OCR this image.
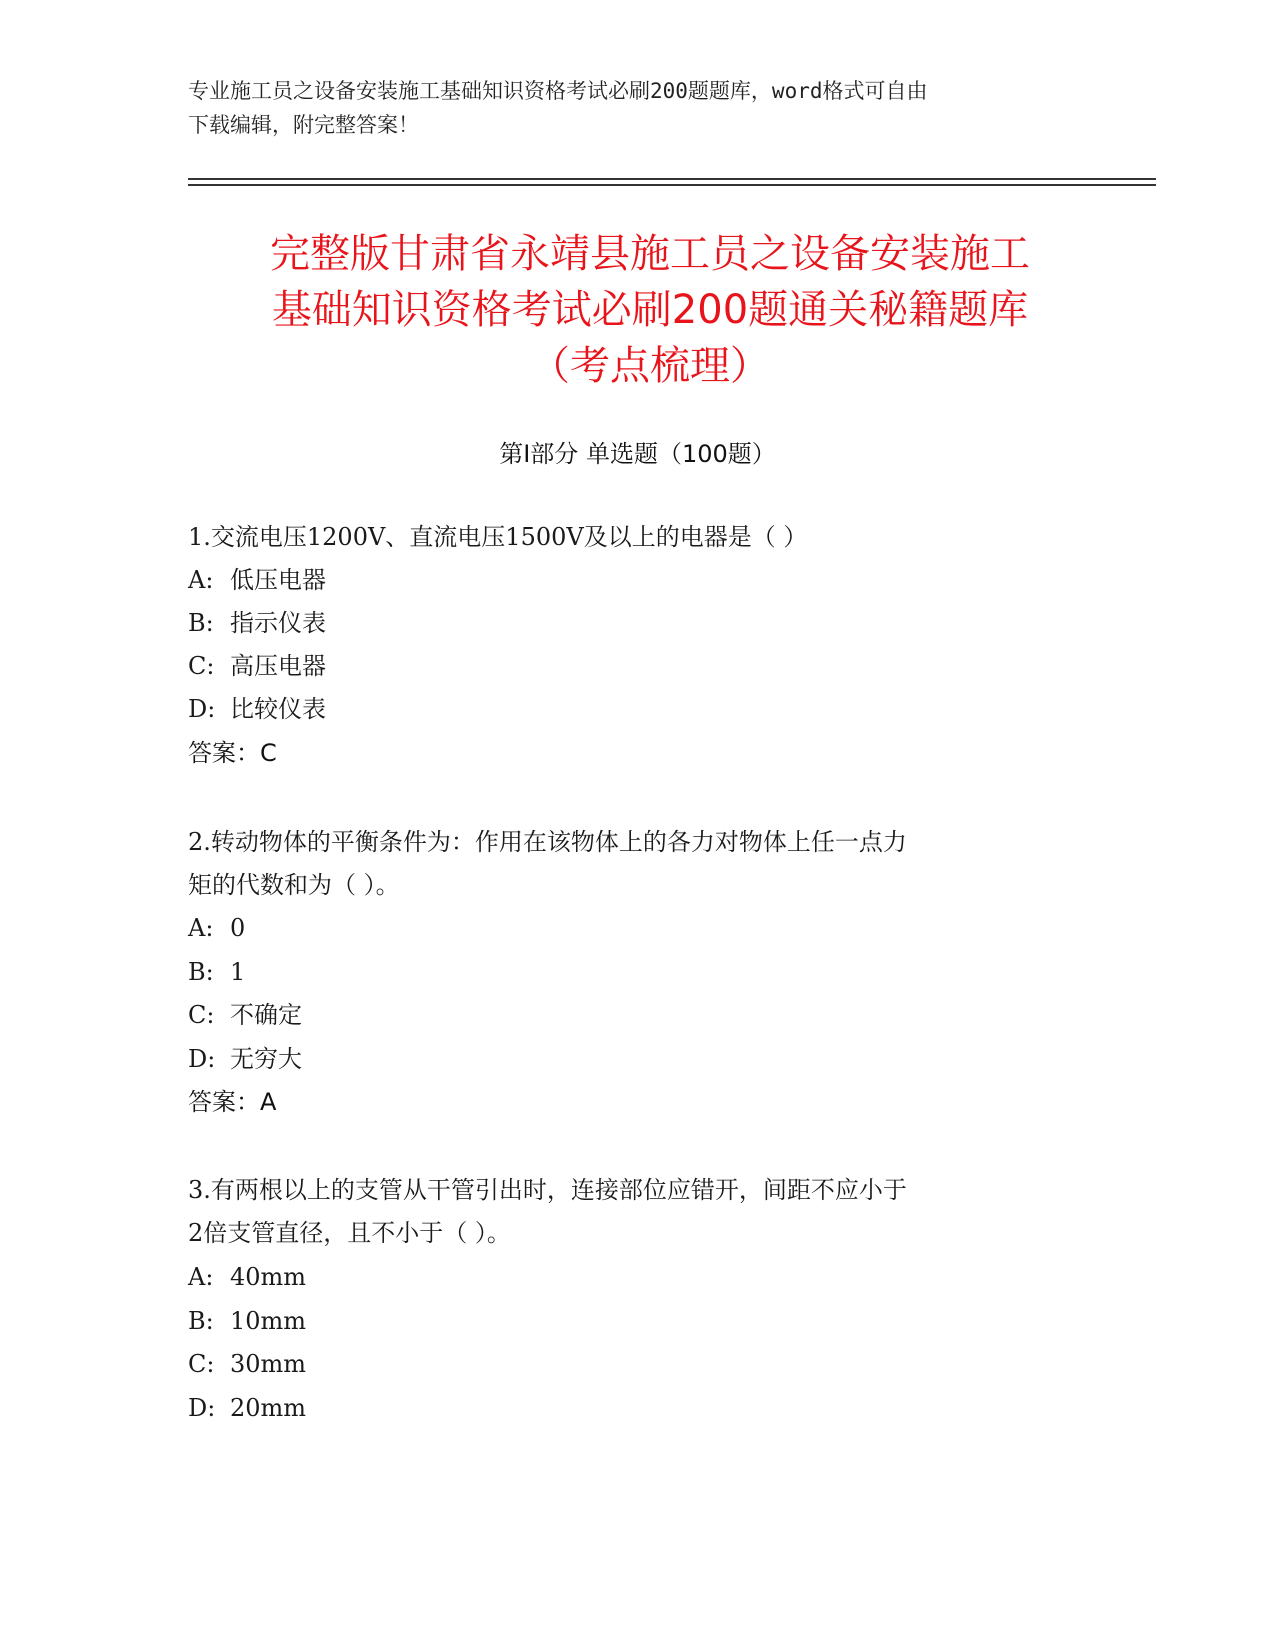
专业施工员之设备安装施工基础知识资格考试必刷200题题库，word格式可自由
下载编辑，附完整答案！
完整版甘肃省永靖县施工员之设备安装施工
基础知识资格考试必刷200题通关秘籍题库
（考点梳理）
第Ⅰ部分 单选题（100题）
1.交流电压1200V、直流电压1500V及以上的电器是（ ）
A: 低压电器
B: 指示仪表
C: 高压电器
D: 比较仪表
答案：C
2.转动物体的平衡条件为：作用在该物体上的各力对物体上任一点力
矩的代数和为（ ）。
A: 0
B: 1
C: 不确定
D: 无穷大
答案：A
3.有两根以上的支管从干管引出时，连接部位应错开，间距不应小于
2倍支管直径，且不小于（ ）。
A: 40mm
B: 10mm
C: 30mm
D: 20mm
